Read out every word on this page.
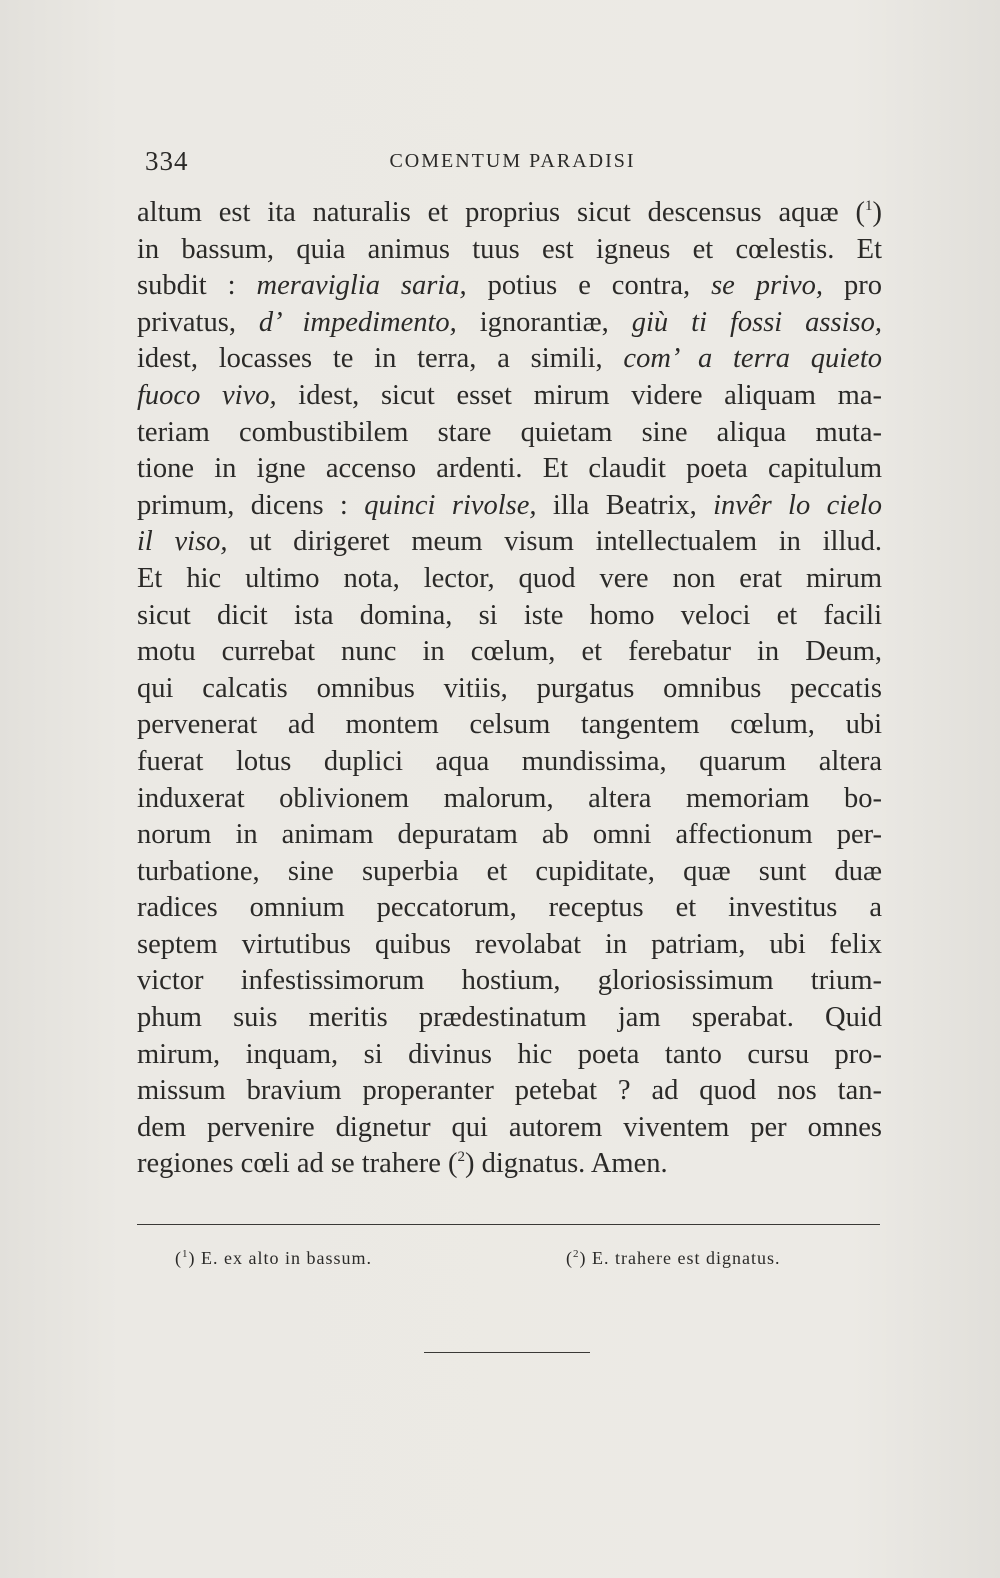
334	COMENTUM PARADISI
altum est ita naturalis et proprius sicut descensus aquæ ($^1$)
in bassum, quia animus tuus est igneus et cœlestis. Et
subdit : meraviglia saria, potius e contra, se privo, pro
privatus, d’ impedimento, ignorantiæ, giù ti fossi assiso,
idest, locasses te in terra, a simili, com’ a terra quieto
fuoco vivo, idest, sicut esset mirum videre aliquam ma-
teriam combustibilem stare quietam sine aliqua muta-
tione in igne accenso ardenti. Et claudit poeta capitulum
primum, dicens : quinci rivolse, illa Beatrix, invêr lo cielo
il viso, ut dirigeret meum visum intellectualem in illud.
Et hic ultimo nota, lector, quod vere non erat mirum
sicut dicit ista domina, si iste homo veloci et facili
motu currebat nunc in cœlum, et ferebatur in Deum,
qui calcatis omnibus vitiis, purgatus omnibus peccatis
pervenerat ad montem celsum tangentem cœlum, ubi
fuerat lotus duplici aqua mundissima, quarum altera
induxerat oblivionem malorum, altera memoriam bo-
norum in animam depuratam ab omni affectionum per-
turbatione, sine superbia et cupiditate, quæ sunt duæ
radices omnium peccatorum, receptus et investitus a
septem virtutibus quibus revolabat in patriam, ubi felix
victor infestissimorum hostium, gloriosissimum trium-
phum suis meritis prædestinatum jam sperabat. Quid
mirum, inquam, si divinus hic poeta tanto cursu pro-
missum bravium properanter petebat ? ad quod nos tan-
dem pervenire dignetur qui autorem viventem per omnes
regiones cœli ad se trahere ($^2$) dignatus. Amen.
($^1$) E. ex alto in bassum.	($^2$) E. trahere est dignatus.
